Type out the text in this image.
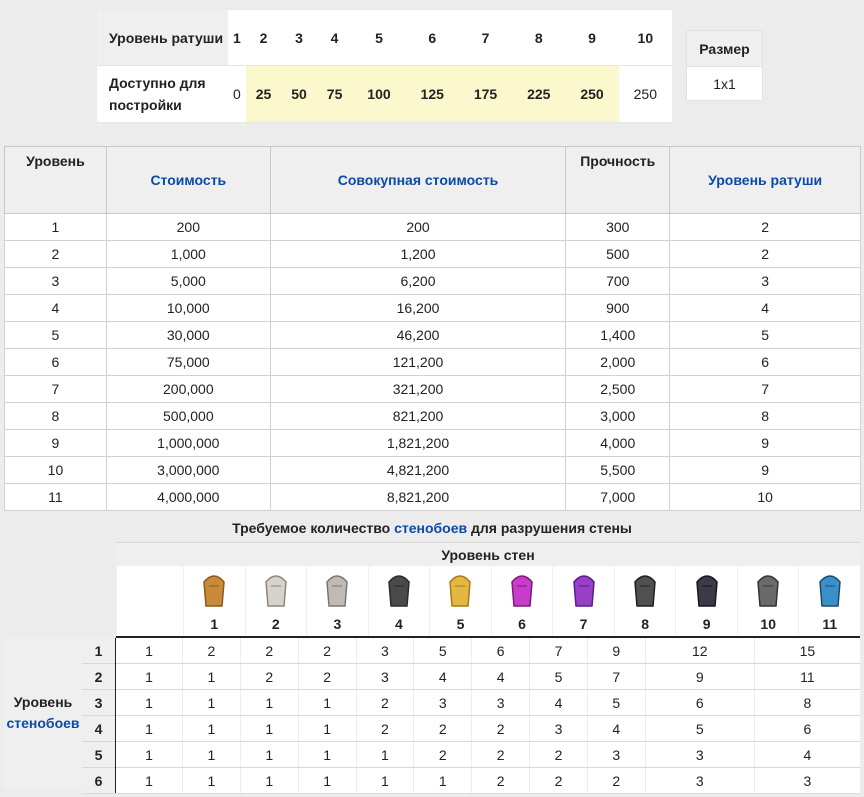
Уровень ратуши	1	2	3	4	5	6	7	8	9	10
Доступно для постройки	0	25	50	75	100	125	175	225	250	250
Размер
1x1
Уровень	Стоимость	Совокупная стоимость	Прочность	Уровень ратуши
1	200	200	300	2
2	1,000	1,200	500	2
3	5,000	6,200	700	3
4	10,000	16,200	900	4
5	30,000	46,200	1,400	5
6	75,000	121,200	2,000	6
7	200,000	321,200	2,500	7
8	500,000	821,200	3,000	8
9	1,000,000	1,821,200	4,000	9
10	3,000,000	4,821,200	5,500	9
11	4,000,000	8,821,200	7,000	10
Требуемое количество стенобоев для разрушения стены
Уровень стен
1	2	3	4	5	6	7	8	9	10	11
Уровень
стенобоев
1	1	2	2	2	3	5	6	7	9	12	15
2	1	1	2	2	3	4	4	5	7	9	11
3	1	1	1	1	2	3	3	4	5	6	8
4	1	1	1	1	2	2	2	3	4	5	6
5	1	1	1	1	1	2	2	2	3	3	4
6	1	1	1	1	1	1	2	2	2	3	3
